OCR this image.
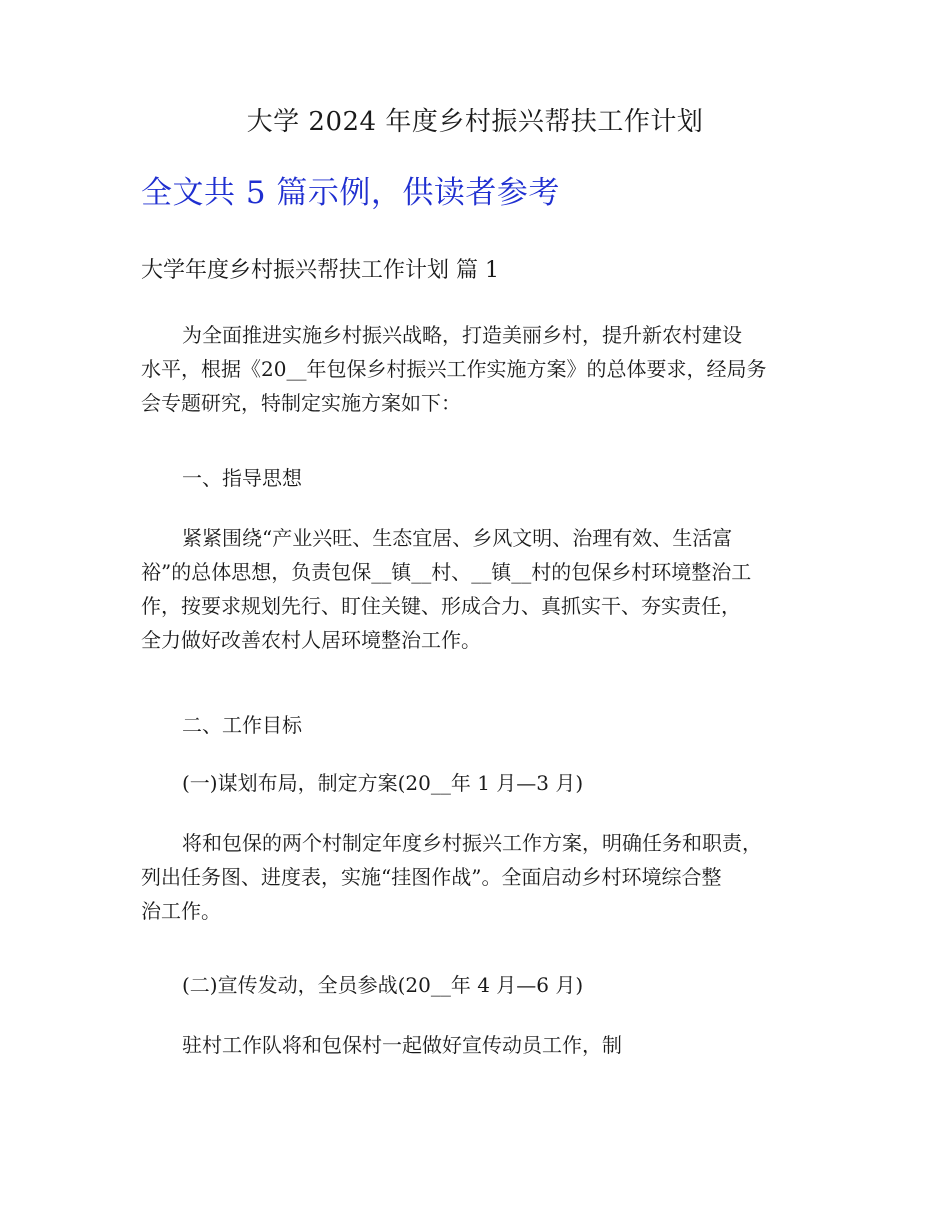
大学 2024 年度乡村振兴帮扶工作计划
全文共 5 篇示例，供读者参考
大学年度乡村振兴帮扶工作计划 篇 1
为全面推进实施乡村振兴战略，打造美丽乡村，提升新农村建设
水平，根据《20__年包保乡村振兴工作实施方案》的总体要求，经局务
会专题研究，特制定实施方案如下：
一、指导思想
紧紧围绕“产业兴旺、生态宜居、乡风文明、治理有效、生活富
裕”的总体思想，负责包保__镇__村、__镇__村的包保乡村环境整治工
作，按要求规划先行、盯住关键、形成合力、真抓实干、夯实责任，
全力做好改善农村人居环境整治工作。
二、工作目标
(一)谋划布局，制定方案(20__年 1 月—3 月)
将和包保的两个村制定年度乡村振兴工作方案，明确任务和职责，
列出任务图、进度表，实施“挂图作战”。全面启动乡村环境综合整
治工作。
(二)宣传发动，全员参战(20__年 4 月—6 月)
驻村工作队将和包保村一起做好宣传动员工作，制
